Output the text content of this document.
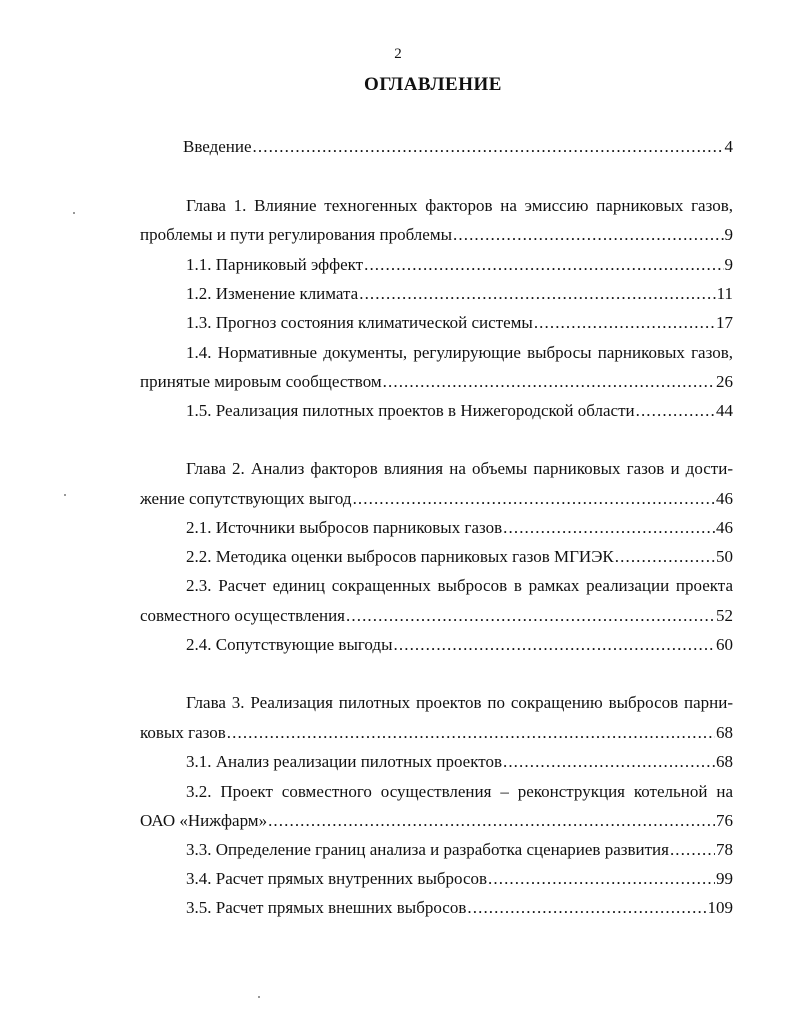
2
ОГЛАВЛЕНИЕ
Введение .....	4
Глава 1. Влияние техногенных факторов на эмиссию парниковых газов,
проблемы и пути регулирования проблемы .....	9
1.1. Парниковый эффект .....	9
1.2. Изменение климата .....	11
1.3. Прогноз состояния климатической системы .....	17
1.4. Нормативные документы, регулирующие выбросы парниковых газов,
принятые мировым сообществом .....	26
1.5. Реализация пилотных проектов в Нижегородской области .....	44
Глава 2. Анализ факторов влияния на объемы парниковых газов и дости-
жение сопутствующих выгод .....	46
2.1. Источники выбросов парниковых газов .....	46
2.2. Методика оценки выбросов парниковых газов МГИЭК .....	50
2.3. Расчет единиц сокращенных выбросов в рамках реализации проекта
совместного осуществления .....	52
2.4. Сопутствующие выгоды .....	60
Глава 3. Реализация пилотных проектов по сокращению выбросов парни-
ковых газов .....	68
3.1. Анализ реализации пилотных проектов .....	68
3.2. Проект совместного осуществления – реконструкция котельной на
ОАО «Нижфарм» .....	76
3.3. Определение границ анализа и разработка сценариев развития .....	78
3.4. Расчет прямых внутренних выбросов .....	99
3.5. Расчет прямых внешних выбросов .....	109
